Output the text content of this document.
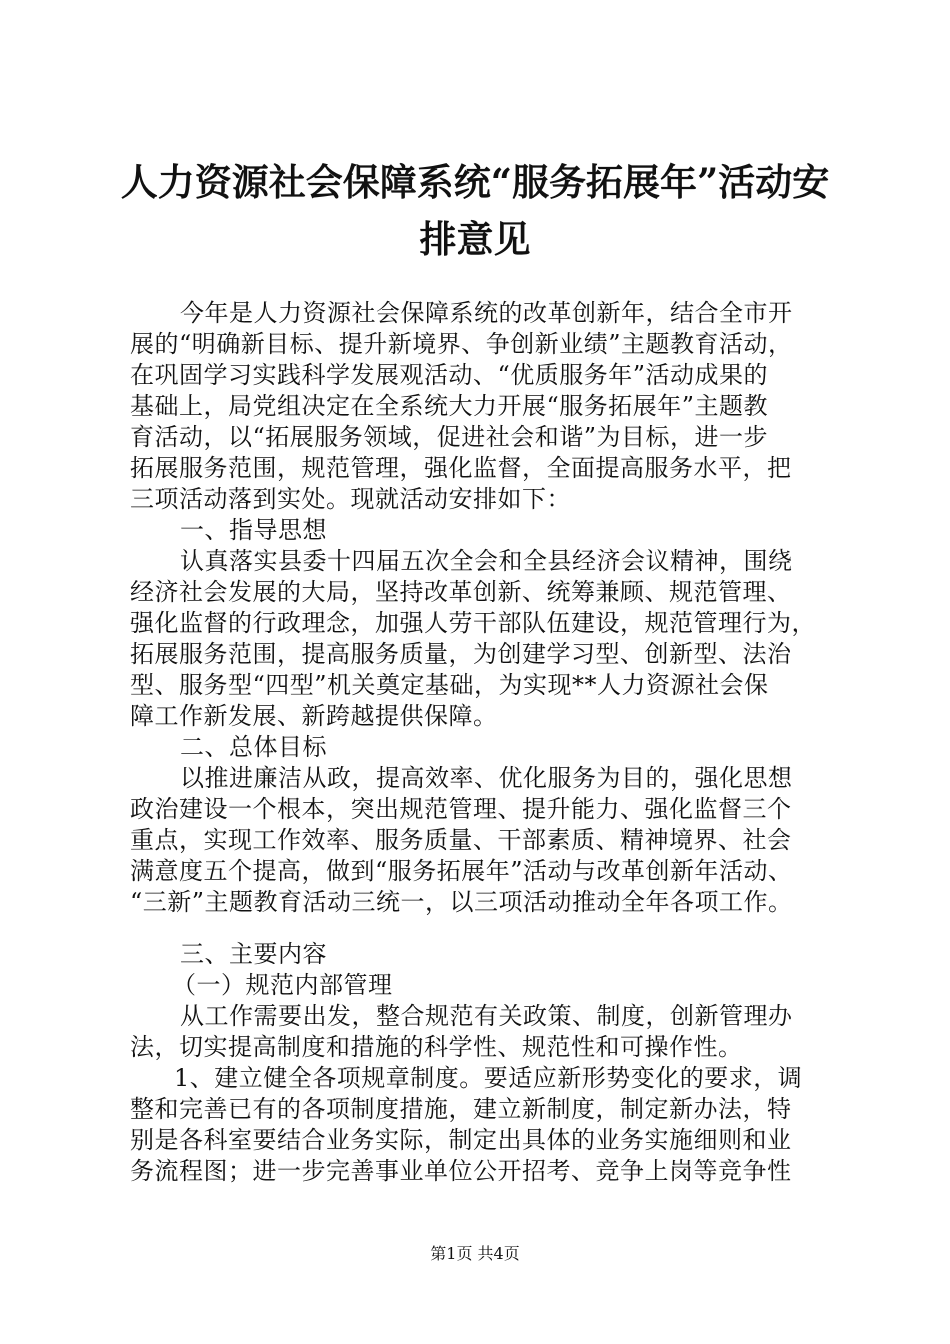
人力资源社会保障系统“服务拓展年”活动安
排意见
今年是人力资源社会保障系统的改革创新年，结合全市开
展的“明确新目标、提升新境界、争创新业绩”主题教育活动，
在巩固学习实践科学发展观活动、“优质服务年”活动成果的
基础上，局党组决定在全系统大力开展“服务拓展年”主题教
育活动，以“拓展服务领域，促进社会和谐”为目标，进一步
拓展服务范围，规范管理，强化监督，全面提高服务水平，把
三项活动落到实处。现就活动安排如下：
一、指导思想
认真落实县委十四届五次全会和全县经济会议精神，围绕
经济社会发展的大局，坚持改革创新、统筹兼顾、规范管理、
强化监督的行政理念，加强人劳干部队伍建设，规范管理行为，
拓展服务范围，提高服务质量，为创建学习型、创新型、法治
型、服务型“四型”机关奠定基础，为实现**人力资源社会保
障工作新发展、新跨越提供保障。
二、总体目标
以推进廉洁从政，提高效率、优化服务为目的，强化思想
政治建设一个根本，突出规范管理、提升能力、强化监督三个
重点，实现工作效率、服务质量、干部素质、精神境界、社会
满意度五个提高，做到“服务拓展年”活动与改革创新年活动、
“三新”主题教育活动三统一，以三项活动推动全年各项工作。
三、主要内容
（一）规范内部管理
从工作需要出发，整合规范有关政策、制度，创新管理办
法，切实提高制度和措施的科学性、规范性和可操作性。
1、建立健全各项规章制度。要适应新形势变化的要求，调
整和完善已有的各项制度措施，建立新制度，制定新办法，特
别是各科室要结合业务实际，制定出具体的业务实施细则和业
务流程图；进一步完善事业单位公开招考、竞争上岗等竞争性
第1页 共4页
